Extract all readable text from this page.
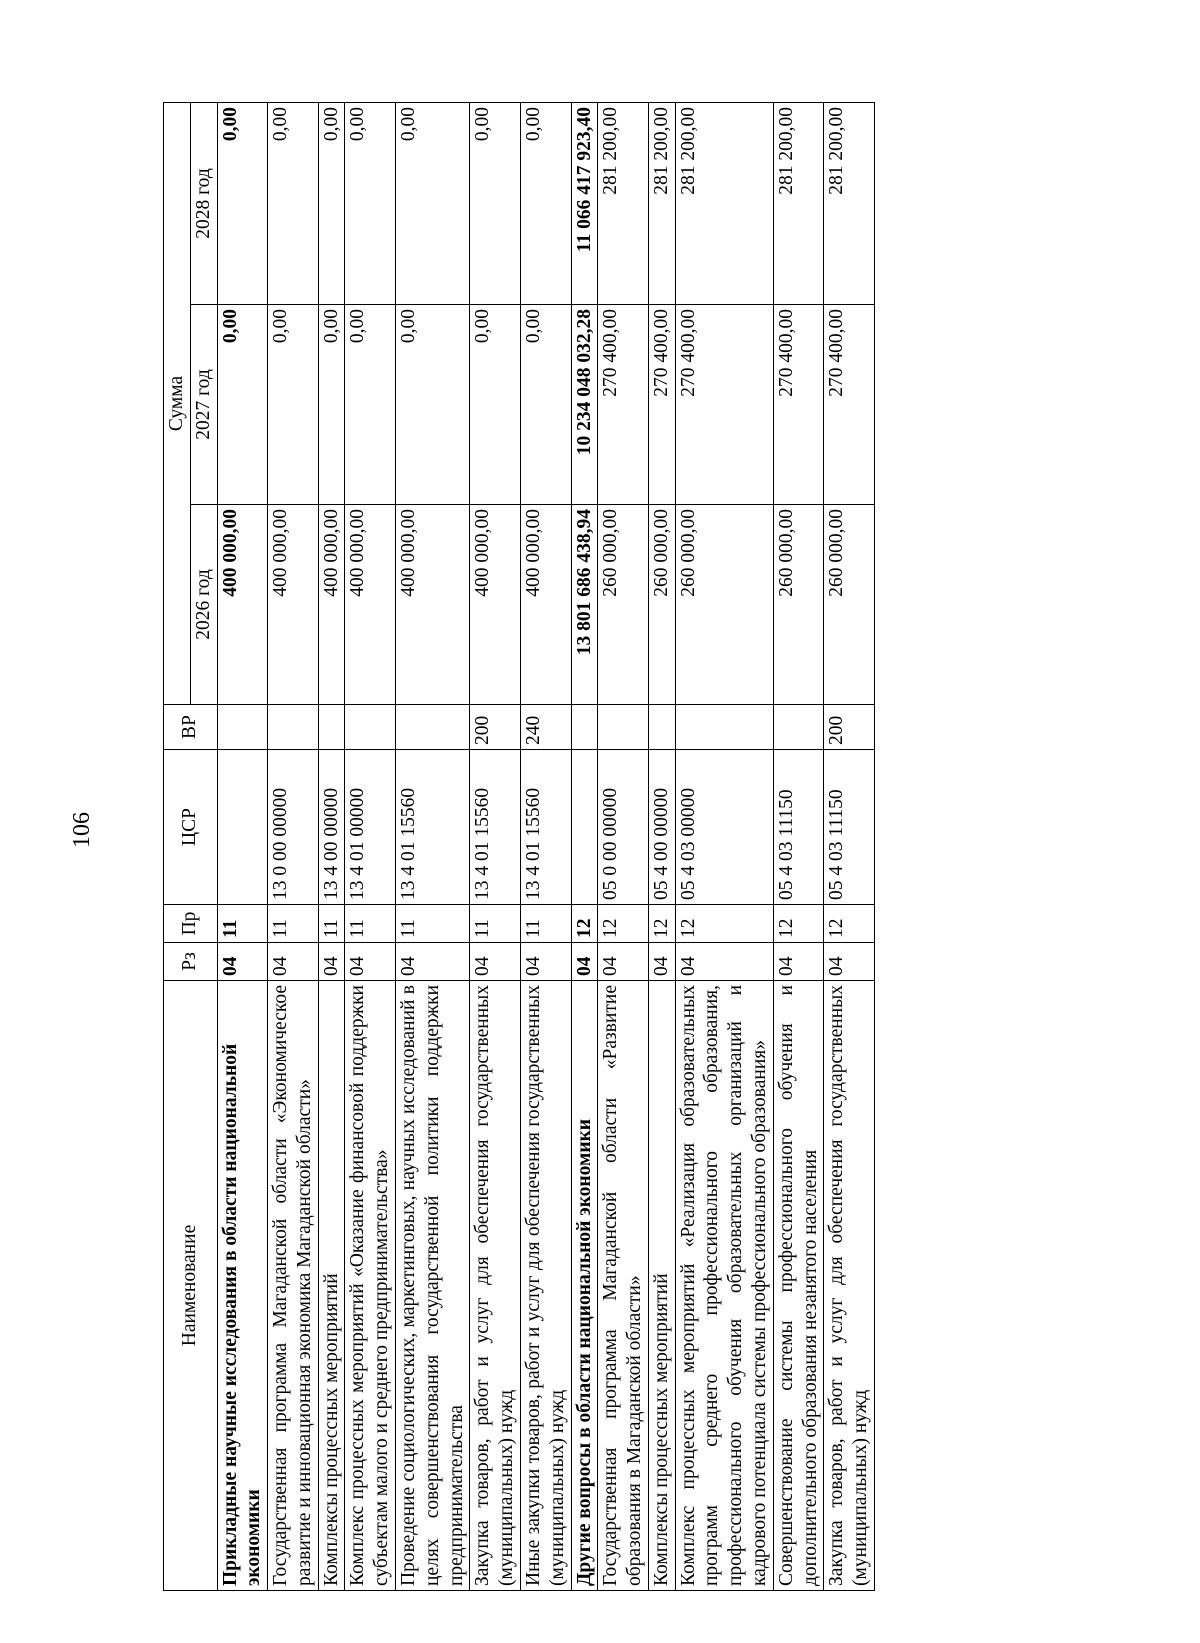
106
Наименование	Рз	Пр	ЦСР	ВР	Сумма		
					2026 год	2027 год	2028 год
Прикладные научные исследования в области национальной экономики	04	11			400 000,00	0,00	0,00
Государственная программа Магаданской области «Экономическое развитие и инновационная экономика Магаданской области»	04	11	13 0 00 00000		400 000,00	0,00	0,00
Комплексы процессных мероприятий	04	11	13 4 00 00000		400 000,00	0,00	0,00
Комплекс процессных мероприятий «Оказание финансовой поддержки субъектам малого и среднего предпринимательства»	04	11	13 4 01 00000		400 000,00	0,00	0,00
Проведение социологических, маркетинговых, научных исследований в целях совершенствования государственной политики поддержки предпринимательства	04	11	13 4 01 15560		400 000,00	0,00	0,00
Закупка товаров, работ и услуг для обеспечения государственных (муниципальных) нужд	04	11	13 4 01 15560	200	400 000,00	0,00	0,00
Иные закупки товаров, работ и услуг для обеспечения государственных (муниципальных) нужд	04	11	13 4 01 15560	240	400 000,00	0,00	0,00
Другие вопросы в области национальной экономики	04	12			13 801 686 438,94	10 234 048 032,28	11 066 417 923,40
Государственная программа Магаданской области «Развитие образования в Магаданской области»	04	12	05 0 00 00000		260 000,00	270 400,00	281 200,00
Комплексы процессных мероприятий	04	12	05 4 00 00000		260 000,00	270 400,00	281 200,00
Комплекс процессных мероприятий «Реализация образовательных программ среднего профессионального образования, профессионального обучения образовательных организаций и кадрового потенциала системы профессионального образования»	04	12	05 4 03 00000		260 000,00	270 400,00	281 200,00
Совершенствование системы профессионального обучения и дополнительного образования незанятого населения	04	12	05 4 03 11150		260 000,00	270 400,00	281 200,00
Закупка товаров, работ и услуг для обеспечения государственных (муниципальных) нужд	04	12	05 4 03 11150	200	260 000,00	270 400,00	281 200,00
